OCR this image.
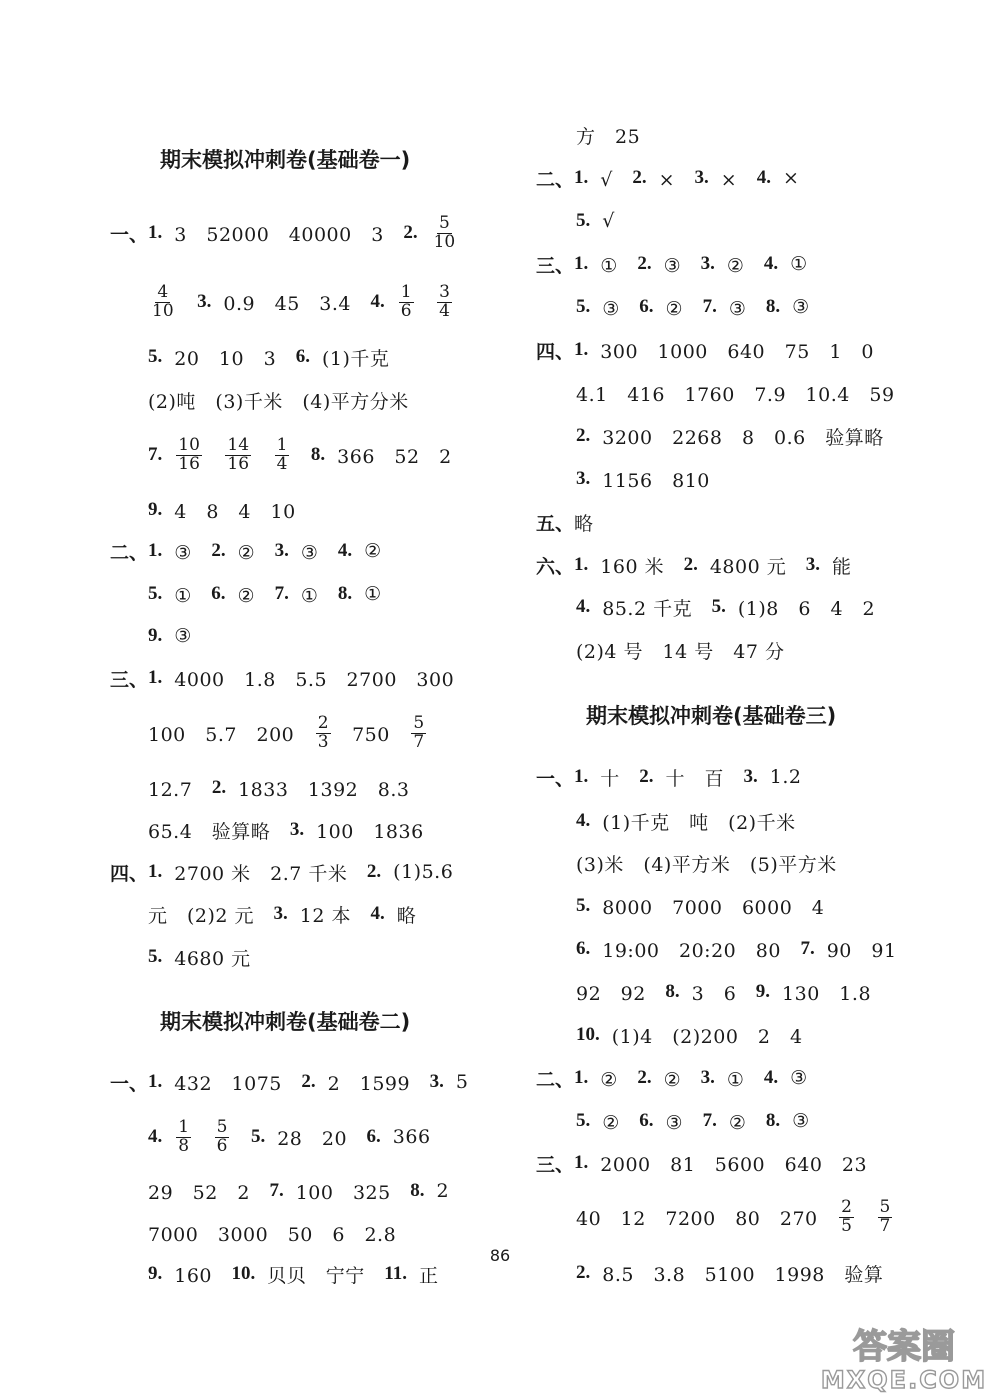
期末模拟冲刺卷(基础卷一)
一、 1. 3　52000　40000　3　 2. $\frac{5}{10}$
$\frac{4}{10}$
　 3. 0.9　45　3.4　 4. $\frac{1}{6}$
　 $\frac{3}{4}$
5. 20　10　3　 6. (1)千克
(2)吨　(3)千米　(4)平方分米
7. $\frac{10}{16}$
　 $\frac{14}{16}$
　 $\frac{1}{4}$
　 8. 366　52　2
9. 4　8　4　10
二、 1. ③　 2. ②　 3. ③　 4. ②
5. ①　 6. ②　 7. ①　 8. ①
9. ③
三、 1. 4000　1.8　5.5　2700　300
100　5.7　200　 $\frac{2}{3}$ 　750　 $\frac{5}{7}$
12.7　 2. 1833　1392　8.3
65.4　验算略　 3. 100　1836
四、 1. 2700 米　2.7 千米　 2. (1)5.6
元　(2)2 元　 3. 12 本　 4. 略
5. 4680 元
期末模拟冲刺卷(基础卷二)
一、 1. 432　1075　 2. 2　1599　 3. 5
4. $\frac{1}{8}$
　 $\frac{5}{6}$
　 5. 28　20　 6. 366
29　52　2　 7. 100　325　 8. 2
7000　3000　50　6　2.8
9. 160　 10. 贝贝　宁宁　 11. 正
方　25
二、 1. √　 2. ×　 3. ×　 4. ×
5. √
三、 1. ①　 2. ③　 3. ②　 4. ①
5. ③　 6. ②　 7. ③　 8. ③
四、 1. 300　1000　640　75　1　0
4.1　416　1760　7.9　10.4　59
2. 3200　2268　8　0.6　验算略
3. 1156　810
五、 略
六、 1. 160 米　 2. 4800 元　 3. 能
4. 85.2 千克　 5. (1)8　6　4　2
(2)4 号　14 号　47 分
期末模拟冲刺卷(基础卷三)
一、 1. 十　 2. 十　百　 3. 1.2
4. (1)千克　吨　(2)千米
(3)米　(4)平方米　(5)平方米
5. 8000　7000　6000　4
6. 19:00　20:20　80　 7. 90　91
92　92　 8. 3　6　 9. 130　1.8
10. (1)4　(2)200　2　4
二、 1. ②　 2. ②　 3. ①　 4. ③
5. ②　 6. ③　 7. ②　 8. ③
三、 1. 2000　81　5600　640　23
40　12　7200　80　270　 $\frac{2}{5}$
　 $\frac{5}{7}$
2. 8.5　3.8　5100　1998　验算
86
答案圈
MXQE.COM
